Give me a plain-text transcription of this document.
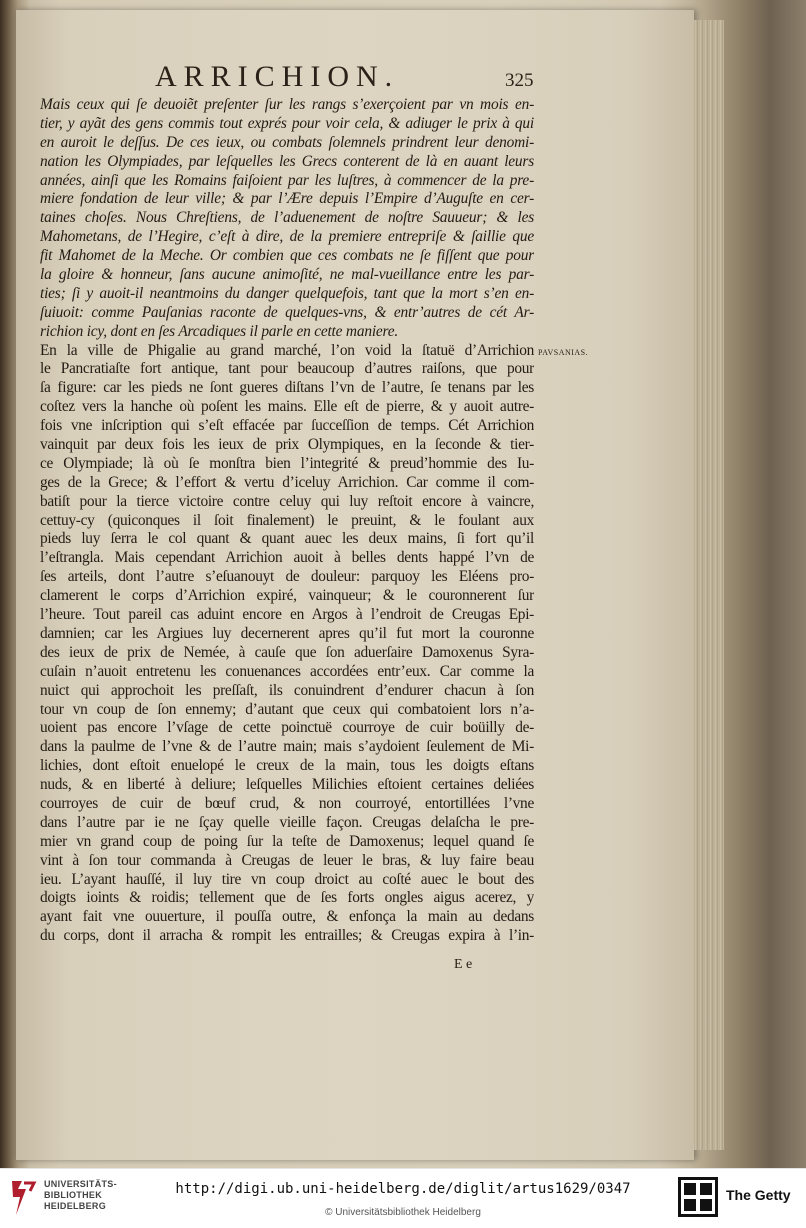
ARRICHION.	325
PAVSANIAS.
Mais ceux qui ſe deuoiẽt preſenter ſur les rangs s’exerçoient par vn mois en-
tier, y ayãt des gens commis tout exprés pour voir cela, & adiuger le prix à qui
en auroit le deſſus. De ces ieux, ou combats ſolemnels prindrent leur denomi-
nation les Olympiades, par leſquelles les Grecs conterent de là en auant leurs
années, ainſi que les Romains faiſoient par les luſtres, à commencer de la pre-
miere fondation de leur ville; & par l’Ære depuis l’Empire d’Auguſte en cer-
taines choſes. Nous Chreſtiens, de l’aduenement de noſtre Sauueur; & les
Mahometans, de l’Hegire, c’eſt à dire, de la premiere entrepriſe & ſaillie que
fit Mahomet de la Meche. Or combien que ces combats ne ſe fiſſent que pour
la gloire & honneur, ſans aucune animoſité, ne mal-vueillance entre les par-
ties; ſi y auoit-il neantmoins du danger quelquefois, tant que la mort s’en en-
ſuiuoit: comme Pauſanias raconte de quelques-vns, & entr’autres de cét Ar-
richion icy, dont en ſes Arcadiques il parle en cette maniere.
En la ville de Phigalie au grand marché, l’on void la ſtatuë d’Arrichion
le Pancratiaſte fort antique, tant pour beaucoup d’autres raiſons, que pour
ſa figure: car les pieds ne ſont gueres diſtans l’vn de l’autre, ſe tenans par les
coſtez vers la hanche où poſent les mains. Elle eſt de pierre, & y auoit autre-
fois vne inſcription qui s’eſt effacée par ſucceſſion de temps. Cét Arrichion
vainquit par deux fois les ieux de prix Olympiques, en la ſeconde & tier-
ce Olympiade; là où ſe monſtra bien l’integrité & preud’hommie des Iu-
ges de la Grece; & l’effort & vertu d’iceluy Arrichion. Car comme il com-
batiſt pour la tierce victoire contre celuy qui luy reſtoit encore à vaincre,
cettuy-cy (quiconques il ſoit finalement) le preuint, & le foulant aux
pieds luy ſerra le col quant & quant auec les deux mains, ſi fort qu’il
l’eſtrangla. Mais cependant Arrichion auoit à belles dents happé l’vn de
ſes arteils, dont l’autre s’eſuanouyt de douleur: parquoy les Eléens pro-
clamerent le corps d’Arrichion expiré, vainqueur; & le couronnerent ſur
l’heure. Tout pareil cas aduint encore en Argos à l’endroit de Creugas Epi-
damnien; car les Argiues luy decernerent apres qu’il fut mort la couronne
des ieux de prix de Nemée, à cauſe que ſon aduerſaire Damoxenus Syra-
cuſain n’auoit entretenu les conuenances accordées entr’eux. Car comme la
nuict qui approchoit les preſſaſt, ils conuindrent d’endurer chacun à ſon
tour vn coup de ſon ennemy; d’autant que ceux qui combatoient lors n’a-
uoient pas encore l’vſage de cette poinctuë courroye de cuir boüilly de-
dans la paulme de l’vne & de l’autre main; mais s’aydoient ſeulement de Mi-
lichies, dont eſtoit enuelopé le creux de la main, tous les doigts eſtans
nuds, & en liberté à deliure; leſquelles Milichies eſtoient certaines deliées
courroyes de cuir de bœuf crud, & non courroyé, entortillées l’vne
dans l’autre par ie ne ſçay quelle vieille façon. Creugas delaſcha le pre-
mier vn grand coup de poing ſur la teſte de Damoxenus; lequel quand ſe
vint à ſon tour commanda à Creugas de leuer le bras, & luy faire beau
ieu. L’ayant hauſſé, il luy tire vn coup droict au coſté auec le bout des
doigts ioints & roidis; tellement que de ſes forts ongles aigus acerez, y
ayant fait vne ouuerture, il pouſſa outre, & enfonça la main au dedans
du corps, dont il arracha & rompit les entrailles; & Creugas expira à l’in-
E e
UNIVERSITÄTS-
BIBLIOTHEK
HEIDELBERG
http://digi.ub.uni-heidelberg.de/diglit/artus1629/0347
© Universitätsbibliothek Heidelberg
The Getty
